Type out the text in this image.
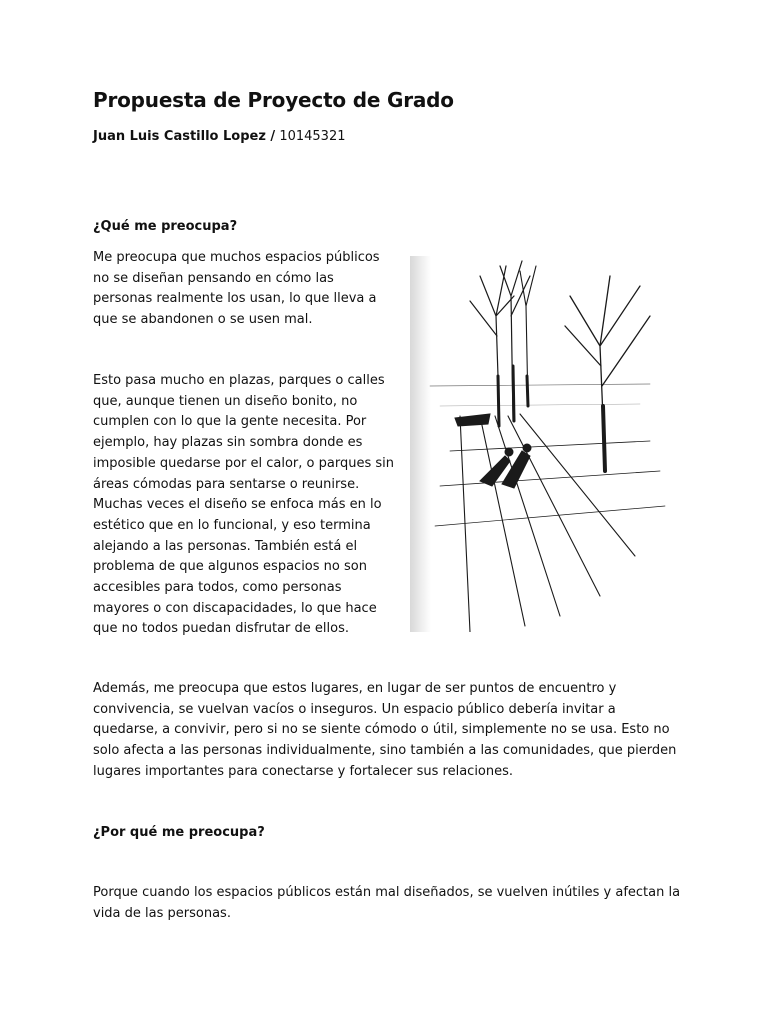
Propuesta de Proyecto de Grado

Juan Luis Castillo Lopez / 10145321

¿Qué me preocupa?

Me preocupa que muchos espacios públicos no se diseñan pensando en cómo las personas realmente los usan, lo que lleva a que se abandonen o se usen mal.

Esto pasa mucho en plazas, parques o calles que, aunque tienen un diseño bonito, no cumplen con lo que la gente necesita. Por ejemplo, hay plazas sin sombra donde es imposible quedarse por el calor, o parques sin áreas cómodas para sentarse o reunirse. Muchas veces el diseño se enfoca más en lo estético que en lo funcional, y eso termina alejando a las personas. También está el problema de que algunos espacios no son accesibles para todos, como personas mayores o con discapacidades, lo que hace que no todos puedan disfrutar de ellos.

Además, me preocupa que estos lugares, en lugar de ser puntos de encuentro y convivencia, se vuelvan vacíos o inseguros. Un espacio público debería invitar a quedarse, a convivir, pero si no se siente cómodo o útil, simplemente no se usa. Esto no solo afecta a las personas individualmente, sino también a las comunidades, que pierden lugares importantes para conectarse y fortalecer sus relaciones.

¿Por qué me preocupa?

Porque cuando los espacios públicos están mal diseñados, se vuelven inútiles y afectan la vida de las personas.
